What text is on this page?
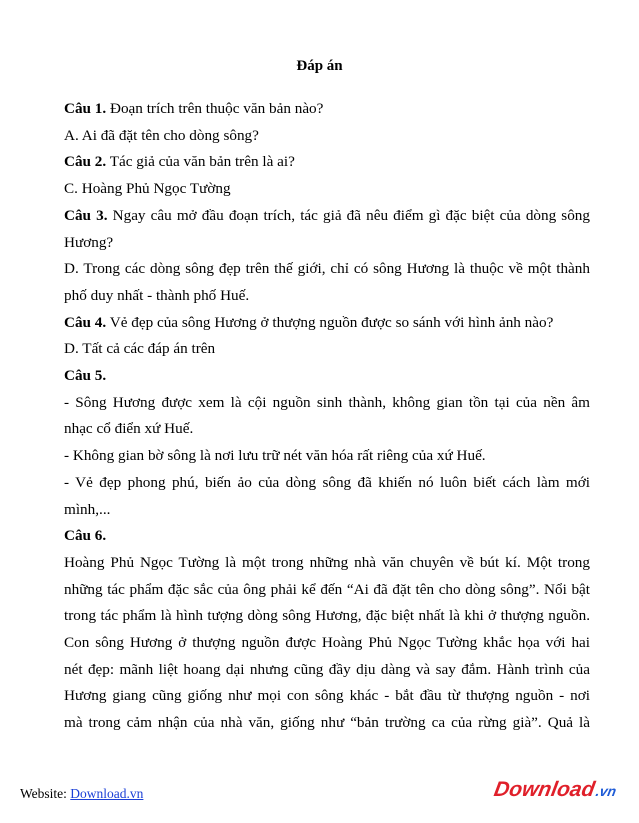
Đáp án

Câu 1. Đoạn trích trên thuộc văn bản nào?

A. Ai đã đặt tên cho dòng sông?

Câu 2. Tác giả của văn bản trên là ai?

C. Hoàng Phủ Ngọc Tường

Câu 3. Ngay câu mở đầu đoạn trích, tác giả đã nêu điểm gì đặc biệt của dòng sông

Hương?

D. Trong các dòng sông đẹp trên thế giới, chỉ có sông Hương là thuộc về một thành

phố duy nhất - thành phố Huế.

Câu 4. Vẻ đẹp của sông Hương ở thượng nguồn được so sánh với hình ảnh nào?

D. Tất cả các đáp án trên

Câu 5.

- Sông Hương được xem là cội nguồn sinh thành, không gian tồn tại của nền âm

nhạc cổ điển xứ Huế.

- Không gian bờ sông là nơi lưu trữ nét văn hóa rất riêng của xứ Huế.

- Vẻ đẹp phong phú, biến ảo của dòng sông đã khiến nó luôn biết cách làm mới

mình,...

Câu 6.

Hoàng Phủ Ngọc Tường là một trong những nhà văn chuyên về bút kí. Một trong

những tác phẩm đặc sắc của ông phải kể đến “Ai đã đặt tên cho dòng sông”. Nổi bật

trong tác phẩm là hình tượng dòng sông Hương, đặc biệt nhất là khi ở thượng nguồn.

Con sông Hương ở thượng nguồn được Hoàng Phủ Ngọc Tường khắc họa với hai

nét đẹp: mãnh liệt hoang dại nhưng cũng đầy dịu dàng và say đắm. Hành trình của

Hương giang cũng giống như mọi con sông khác - bắt đầu từ thượng nguồn - nơi

mà trong cảm nhận của nhà văn, giống như “bản trường ca của rừng già”. Quả là

Website: Download.vn	Download
.vn
